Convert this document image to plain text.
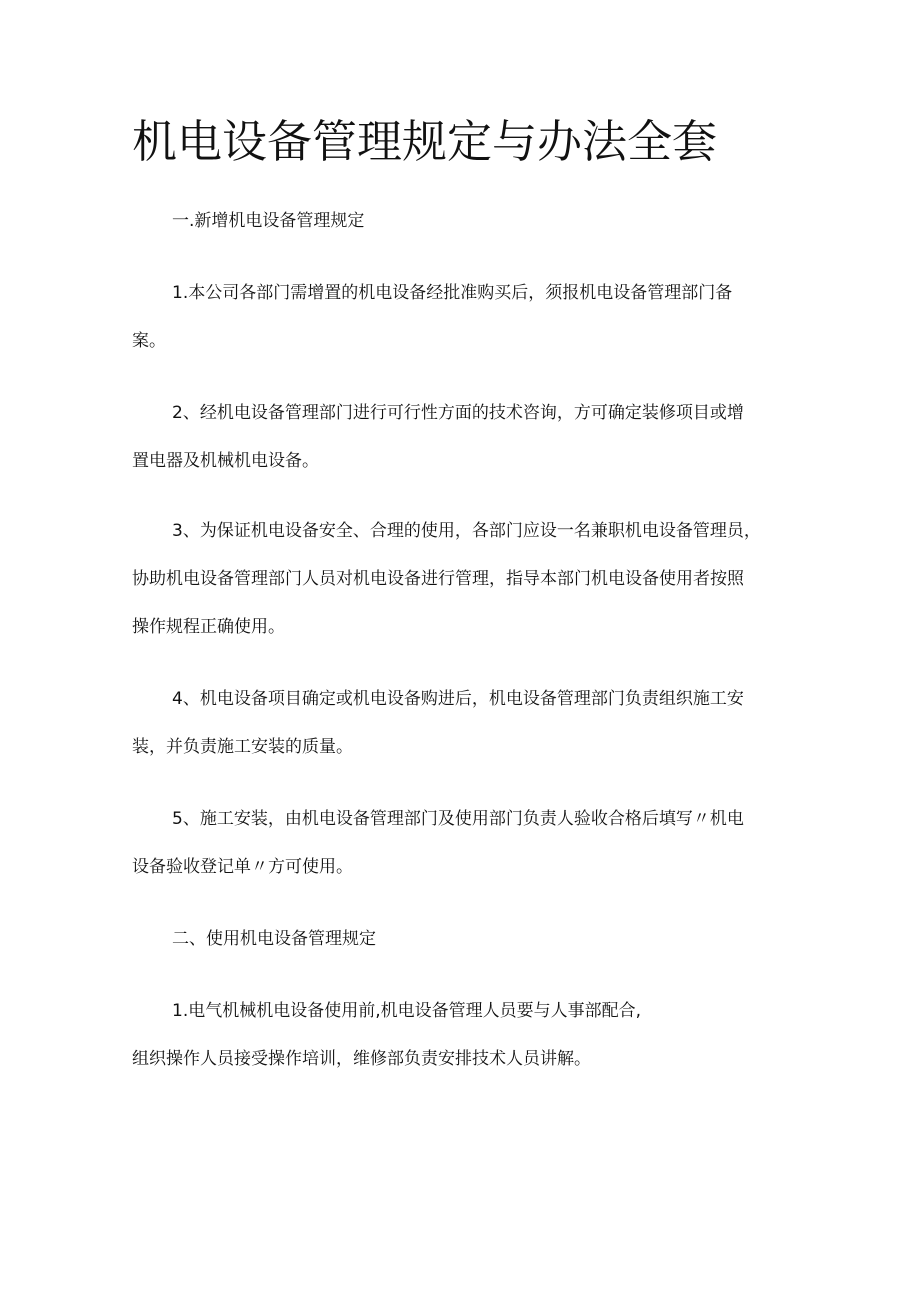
机电设备管理规定与办法全套

一.新增机电设备管理规定

1.本公司各部门需增置的机电设备经批准购买后，须报机电设备管理部门备
案。

2、经机电设备管理部门进行可行性方面的技术咨询，方可确定装修项目或增
置电器及机械机电设备。

3、为保证机电设备安全、合理的使用，各部门应设一名兼职机电设备管理员，
协助机电设备管理部门人员对机电设备进行管理，指导本部门机电设备使用者按照
操作规程正确使用。

4、机电设备项目确定或机电设备购进后，机电设备管理部门负责组织施工安
装，并负责施工安装的质量。

5、施工安装，由机电设备管理部门及使用部门负责人验收合格后填写〃机电
设备验收登记单〃方可使用。

二、使用机电设备管理规定

1.电气机械机电设备使用前,机电设备管理人员要与人事部配合,
组织操作人员接受操作培训，维修部负责安排技术人员讲解。
